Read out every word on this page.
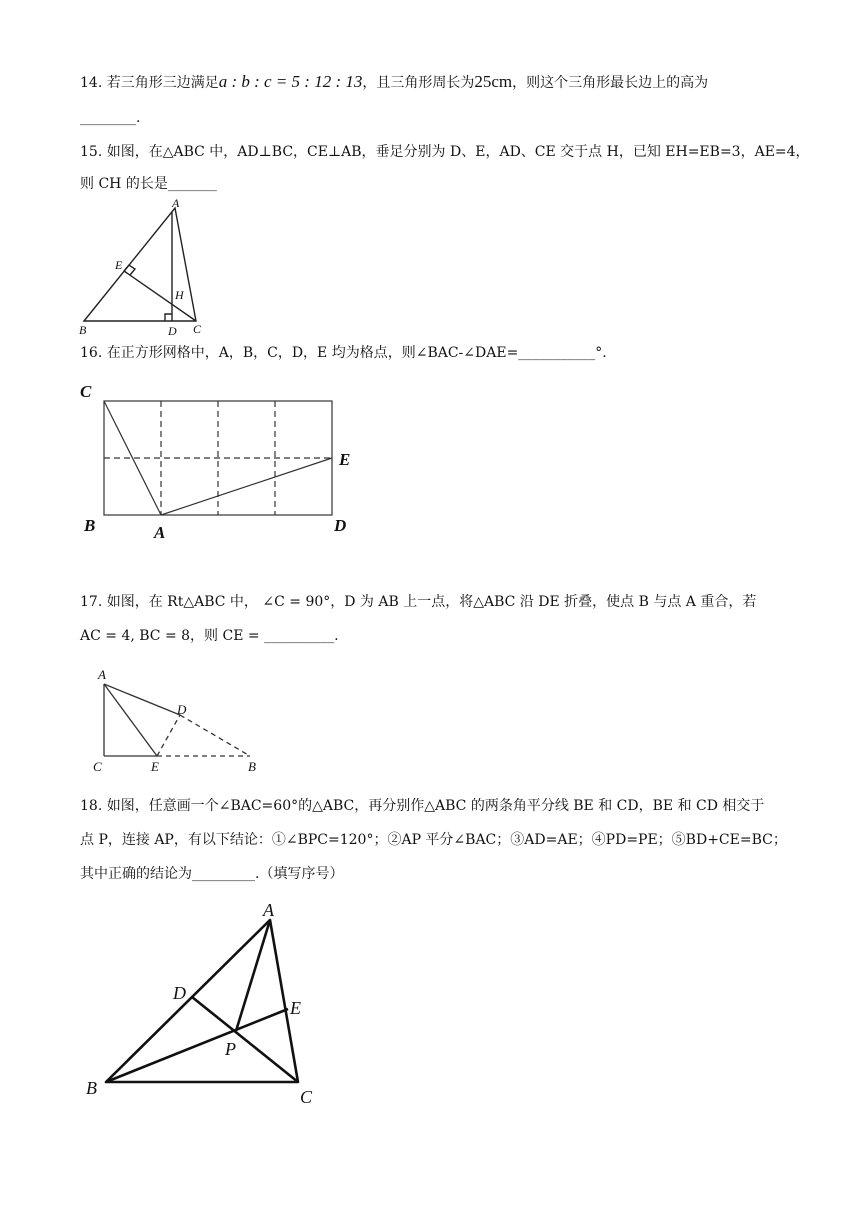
14. 若三角形三边满足a : b : c = 5 : 12 : 13，且三角形周长为25cm，则这个三角形最长边上的高为
________.
15. 如图，在△ABC 中，AD⊥BC，CE⊥AB，垂足分别为 D、E，AD、CE 交于点 H，已知 EH=EB=3，AE=4，
则 CH 的长是_______
A
E
H
B	D C
16. 在正方形网格中，A，B，C，D，E 均为格点，则∠BAC-∠DAE=___________°.
C
E
B	A	D
17. 如图，在 Rt△ABC 中， ∠C = 90°，D 为 AB 上一点，将△ABC 沿 DE 折叠，使点 B 与点 A 重合，若
AC = 4, BC = 8，则 CE = __________.
A
D
C	E	B
18. 如图，任意画一个∠BAC=60°的△ABC，再分别作△ABC 的两条角平分线 BE 和 CD，BE 和 CD 相交于
点 P，连接 AP，有以下结论：①∠BPC=120°；②AP 平分∠BAC；③AD=AE；④PD=PE；⑤BD+CE=BC；
其中正确的结论为_________.（填写序号）
A
D
E
P
B	C
